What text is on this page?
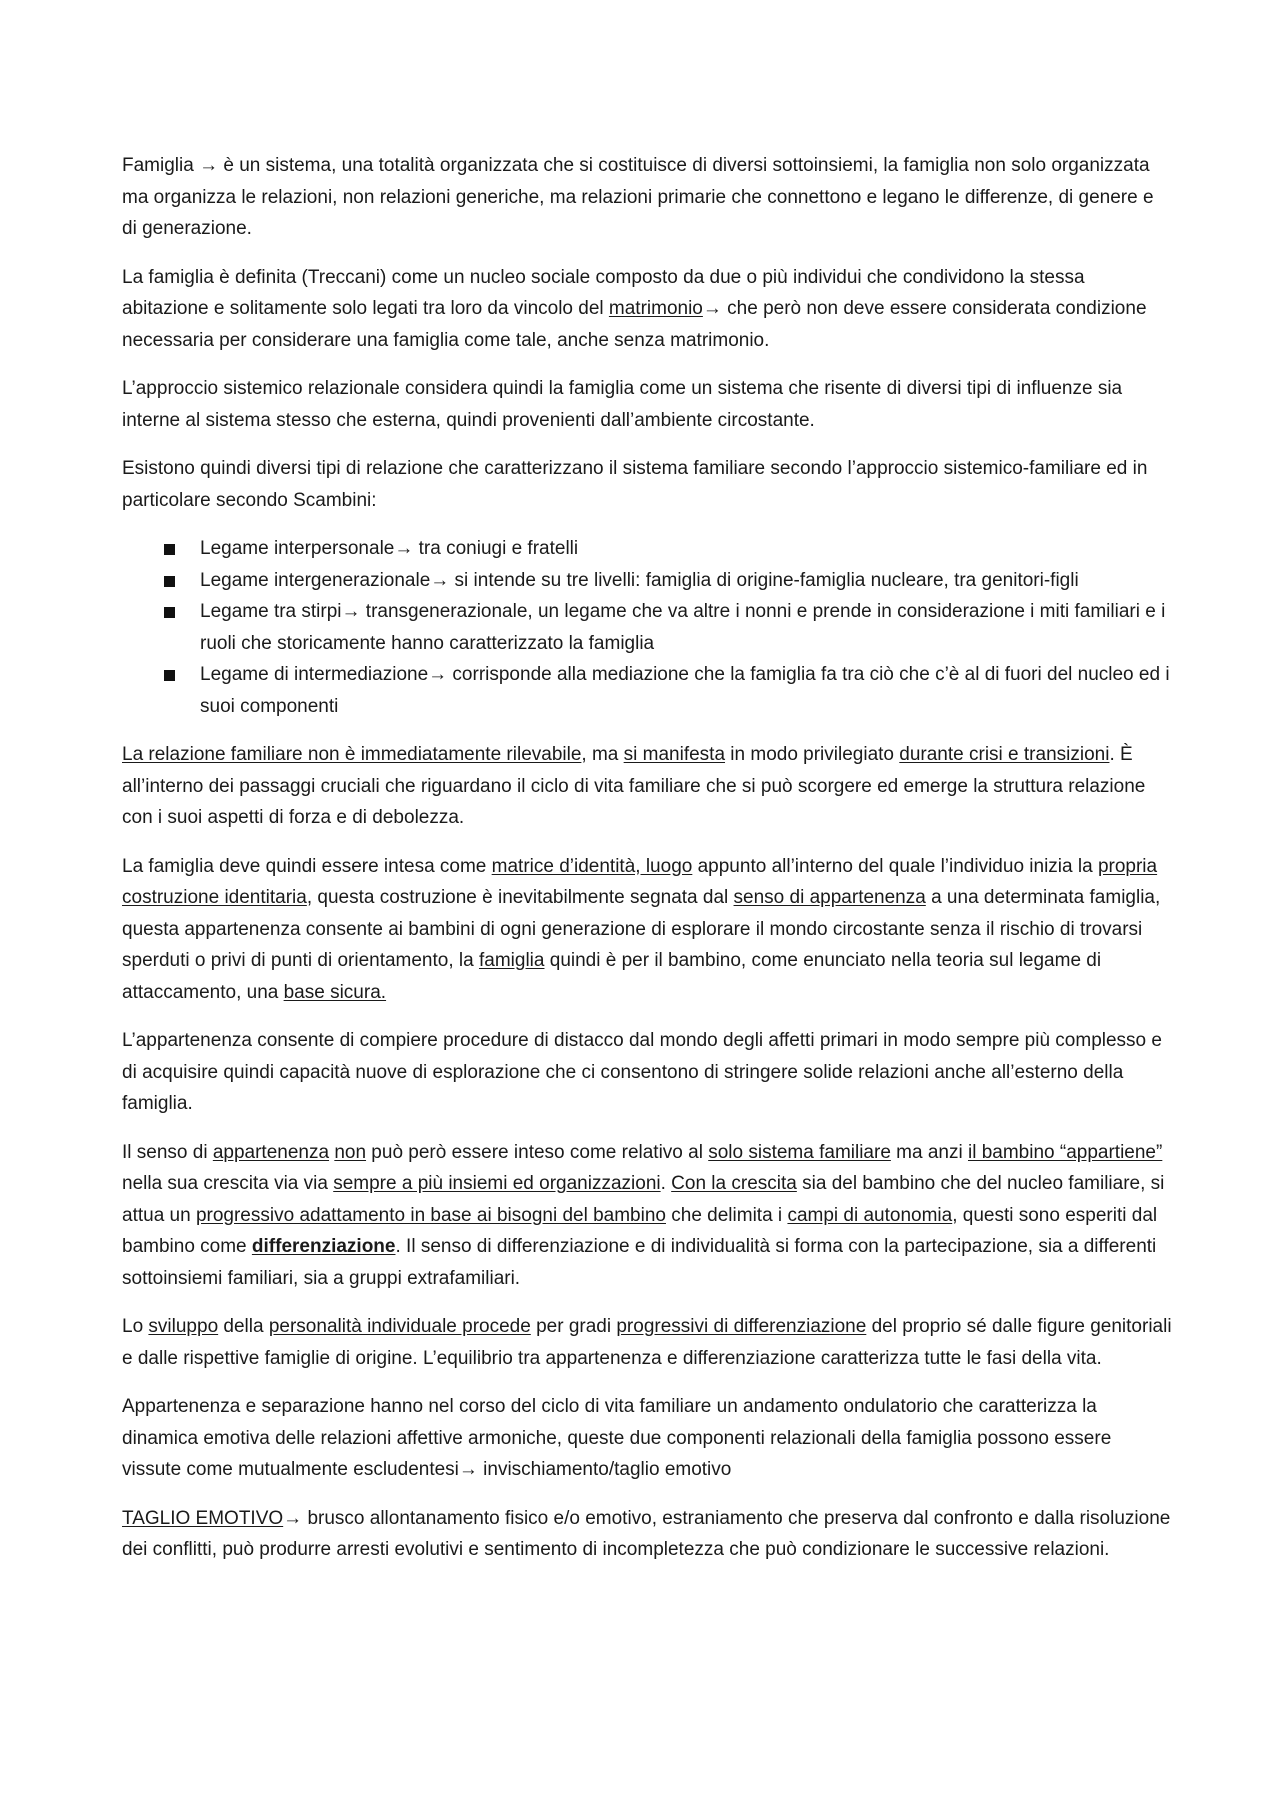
Famiglia → è un sistema, una totalità organizzata che si costituisce di diversi sottoinsiemi, la famiglia non solo organizzata ma organizza le relazioni, non relazioni generiche, ma relazioni primarie che connettono e legano le differenze, di genere e di generazione.

La famiglia è definita (Treccani) come un nucleo sociale composto da due o più individui che condividono la stessa abitazione e solitamente solo legati tra loro da vincolo del matrimonio→ che però non deve essere considerata condizione necessaria per considerare una famiglia come tale, anche senza matrimonio.

L’approccio sistemico relazionale considera quindi la famiglia come un sistema che risente di diversi tipi di influenze sia interne al sistema stesso che esterna, quindi provenienti dall’ambiente circostante.

Esistono quindi diversi tipi di relazione che caratterizzano il sistema familiare secondo l’approccio sistemico-familiare ed in particolare secondo Scambini:

Legame interpersonale→ tra coniugi e fratelli
Legame intergenerazionale→ si intende su tre livelli: famiglia di origine-famiglia nucleare, tra genitori-figli
Legame tra stirpi→ transgenerazionale, un legame che va altre i nonni e prende in considerazione i miti familiari e i ruoli che storicamente hanno caratterizzato la famiglia
Legame di intermediazione→ corrisponde alla mediazione che la famiglia fa tra ciò che c’è al di fuori del nucleo ed i suoi componenti

La relazione familiare non è immediatamente rilevabile, ma si manifesta in modo privilegiato durante crisi e transizioni. È all’interno dei passaggi cruciali che riguardano il ciclo di vita familiare che si può scorgere ed emerge la struttura relazione con i suoi aspetti di forza e di debolezza.

La famiglia deve quindi essere intesa come matrice d’identità, luogo appunto all’interno del quale l’individuo inizia la propria costruzione identitaria, questa costruzione è inevitabilmente segnata dal senso di appartenenza a una determinata famiglia, questa appartenenza consente ai bambini di ogni generazione di esplorare il mondo circostante senza il rischio di trovarsi sperduti o privi di punti di orientamento, la famiglia quindi è per il bambino, come enunciato nella teoria sul legame di attaccamento, una base sicura.

L’appartenenza consente di compiere procedure di distacco dal mondo degli affetti primari in modo sempre più complesso e di acquisire quindi capacità nuove di esplorazione che ci consentono di stringere solide relazioni anche all’esterno della famiglia.

Il senso di appartenenza non può però essere inteso come relativo al solo sistema familiare ma anzi il bambino “appartiene” nella sua crescita via via sempre a più insiemi ed organizzazioni. Con la crescita sia del bambino che del nucleo familiare, si attua un progressivo adattamento in base ai bisogni del bambino che delimita i campi di autonomia, questi sono esperiti dal bambino come differenziazione. Il senso di differenziazione e di individualità si forma con la partecipazione, sia a differenti sottoinsiemi familiari, sia a gruppi extrafamiliari.

Lo sviluppo della personalità individuale procede per gradi progressivi di differenziazione del proprio sé dalle figure genitoriali e dalle rispettive famiglie di origine. L’equilibrio tra appartenenza e differenziazione caratterizza tutte le fasi della vita.

Appartenenza e separazione hanno nel corso del ciclo di vita familiare un andamento ondulatorio che caratterizza la dinamica emotiva delle relazioni affettive armoniche, queste due componenti relazionali della famiglia possono essere vissute come mutualmente escludentesi→ invischiamento/taglio emotivo

TAGLIO EMOTIVO→ brusco allontanamento fisico e/o emotivo, estraniamento che preserva dal confronto e dalla risoluzione dei conflitti, può produrre arresti evolutivi e sentimento di incompletezza che può condizionare le successive relazioni.
